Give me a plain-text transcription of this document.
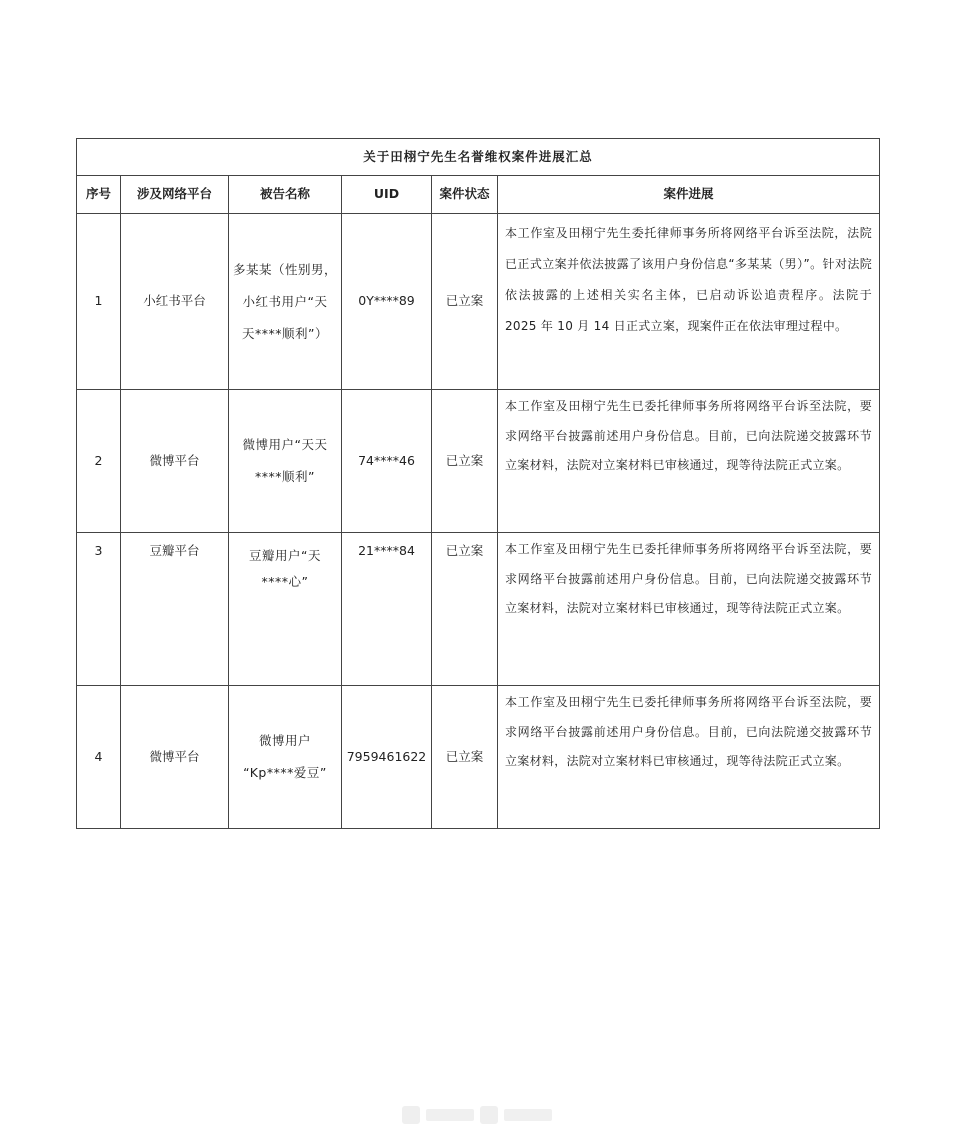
关于田栩宁先生名誉维权案件进展汇总					
序号	涉及网络平台	被告名称	UID	案件状态	案件进展
1	小红书平台	多某某（性别男，
小红书用户“天
天****顺利”）	0Y****89	已立案	本工作室及田栩宁先生委托律师事务所将网络平台诉至法院，法院已正式立案并依法披露了该用户身份信息“多某某（男）”。针对法院依法披露的上述相关实名主体，已启动诉讼追责程序。法院于 2025 年 10 月 14 日正式立案，现案件正在依法审理过程中。

2	微博平台	微博用户“天天
****顺利”	74****46	已立案	本工作室及田栩宁先生已委托律师事务所将网络平台诉至法院，要求网络平台披露前述用户身份信息。目前，已向法院递交披露环节立案材料，法院对立案材料已审核通过，现等待法院正式立案。

3	豆瓣平台	豆瓣用户“天
****心”	21****84	已立案	本工作室及田栩宁先生已委托律师事务所将网络平台诉至法院，要求网络平台披露前述用户身份信息。目前，已向法院递交披露环节立案材料，法院对立案材料已审核通过，现等待法院正式立案。

4	微博平台	微博用户
“Kp****爱豆”	7959461622	已立案	本工作室及田栩宁先生已委托律师事务所将网络平台诉至法院，要求网络平台披露前述用户身份信息。目前，已向法院递交披露环节立案材料，法院对立案材料已审核通过，现等待法院正式立案。
